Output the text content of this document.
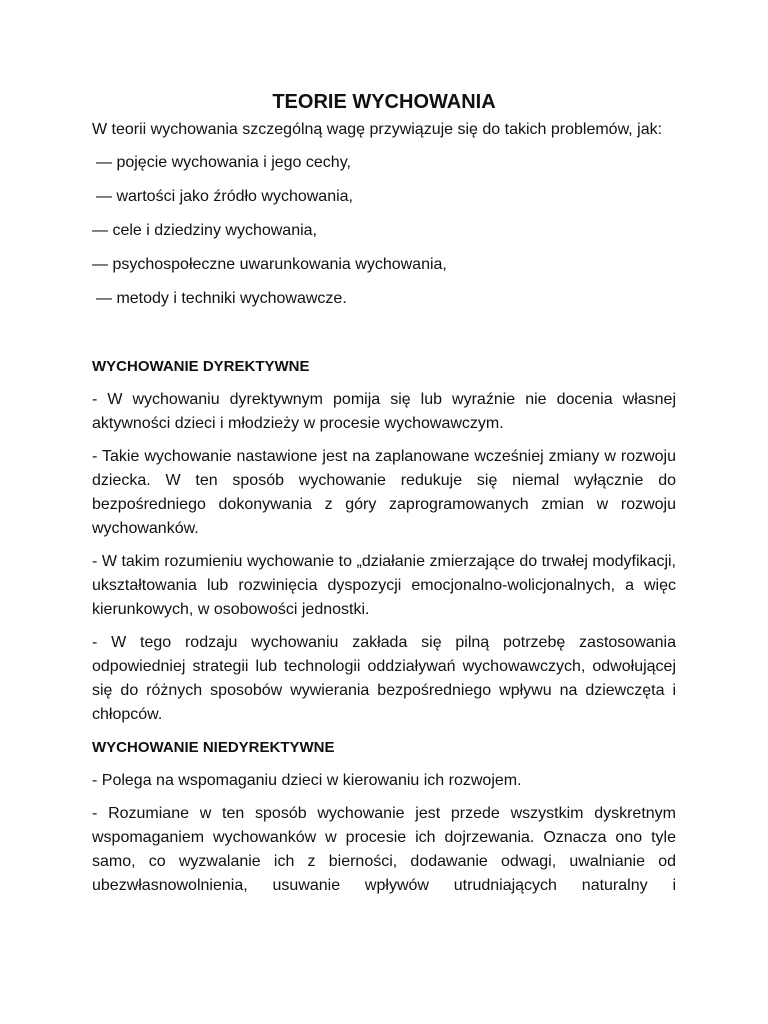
TEORIE WYCHOWANIA

W teorii wychowania szczególną wagę przywiązuje się do takich problemów, jak:

— pojęcie wychowania i jego cechy,
— wartości jako źródło wychowania,
— cele i dziedziny wychowania,
— psychospołeczne uwarunkowania wychowania,
— metody i techniki wychowawcze.
WYCHOWANIE DYREKTYWNE

- W wychowaniu dyrektywnym pomija się lub wyraźnie nie docenia własnej aktywności dzieci i młodzieży w procesie wychowawczym.

- Takie wychowanie nastawione jest na zaplanowane wcześniej zmiany w rozwoju dziecka. W ten sposób wychowanie redukuje się niemal wyłącznie do bezpośredniego dokonywania z góry zaprogramowanych zmian w rozwoju wychowanków.

- W takim rozumieniu wychowanie to „działanie zmierzające do trwałej modyfikacji, ukształtowania lub rozwinięcia dyspozycji emocjonalno-wolicjonalnych, a więc kierunkowych, w osobowości jednostki.

- W tego rodzaju wychowaniu zakłada się pilną potrzebę zastosowania odpowiedniej strategii lub technologii oddziaływań wychowawczych, odwołującej się do różnych sposobów wywierania bezpośredniego wpływu na dziewczęta i chłopców.

WYCHOWANIE NIEDYREKTYWNE

- Polega na wspomaganiu dzieci w kierowaniu ich rozwojem.

- Rozumiane w ten sposób wychowanie jest przede wszystkim dyskretnym wspomaganiem wychowanków w procesie ich dojrzewania. Oznacza ono tyle samo, co wyzwalanie ich z bierności, dodawanie odwagi, uwalnianie od ubezwłasnowolnienia, usuwanie wpływów utrudniających naturalny i
